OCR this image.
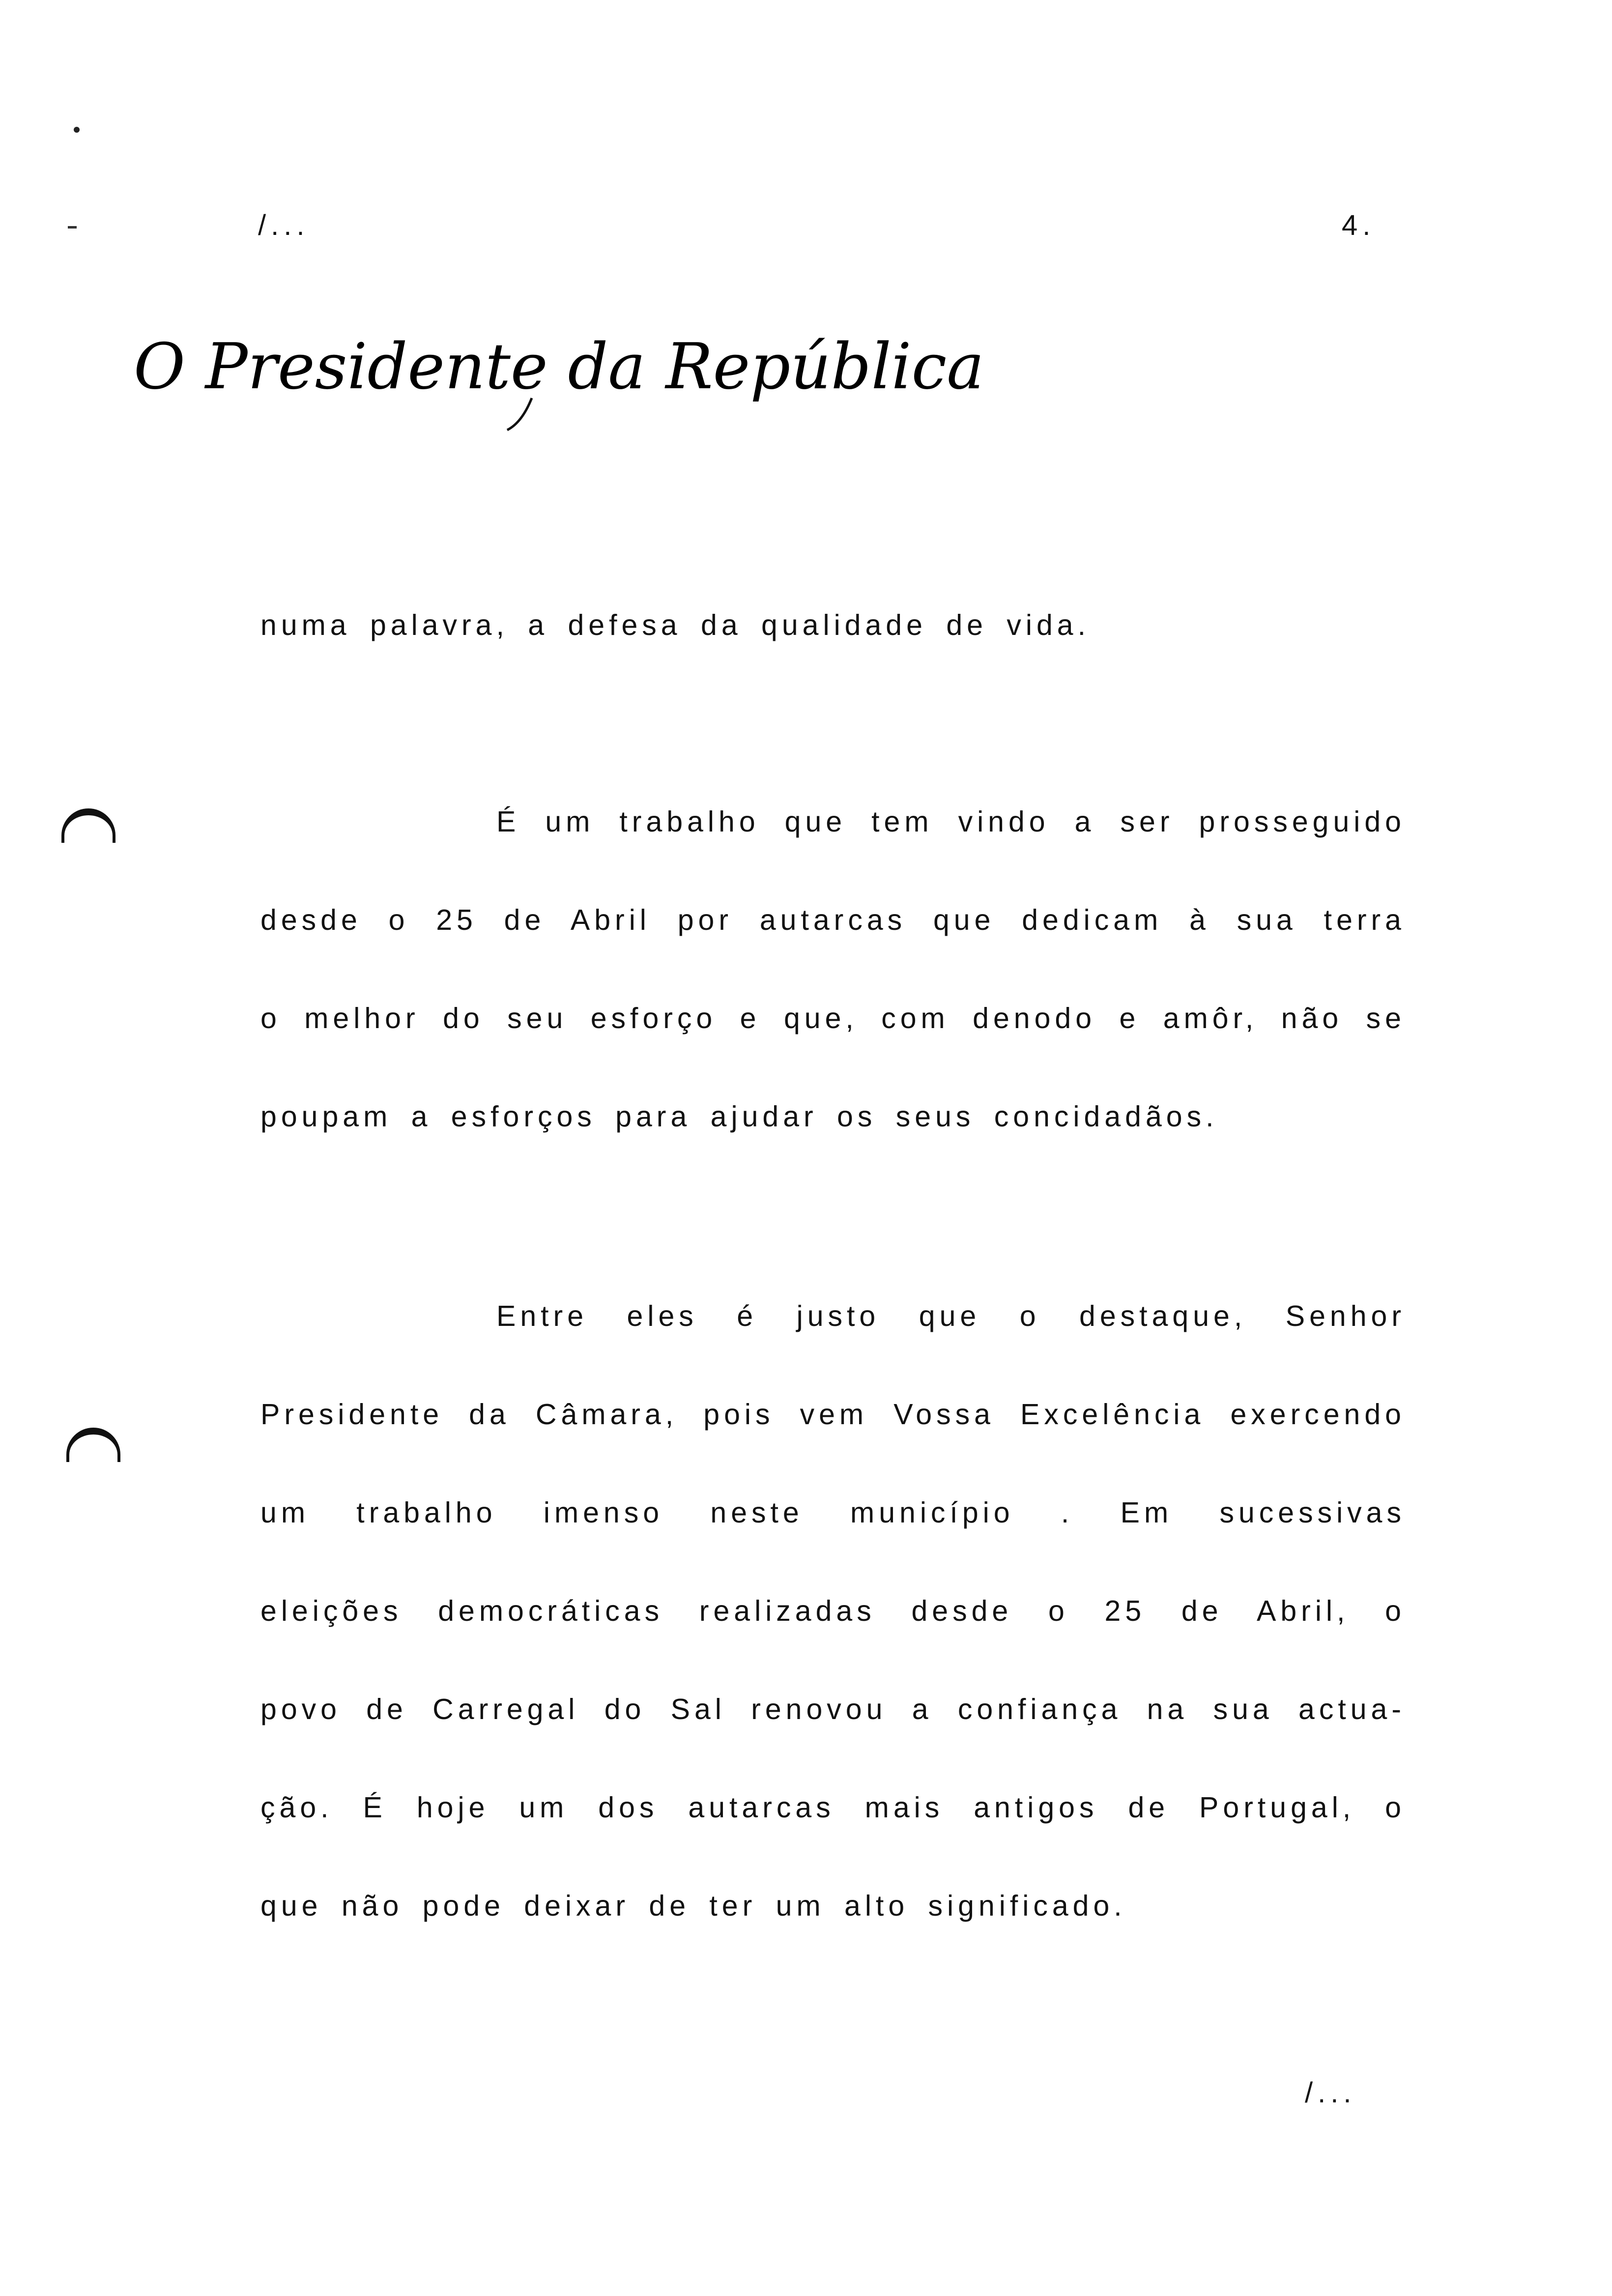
/...	4.
O Presidente da República
numa palavra, a defesa da qualidade de vida.
É um trabalho que tem vindo a ser prosseguido
desde o 25 de Abril por autarcas que dedicam à sua terra
o melhor do seu esforço e que, com denodo e amôr, não se
poupam a esforços para ajudar os seus concidadãos.
Entre eles é justo que o destaque, Senhor
Presidente da Câmara, pois vem Vossa Excelência exercendo
um trabalho imenso neste município . Em sucessivas
eleições democráticas realizadas desde o 25 de Abril, o
povo de Carregal do Sal renovou a confiança na sua actua-
ção. É hoje um dos autarcas mais antigos de Portugal, o
que não pode deixar de ter um alto significado.
/...
